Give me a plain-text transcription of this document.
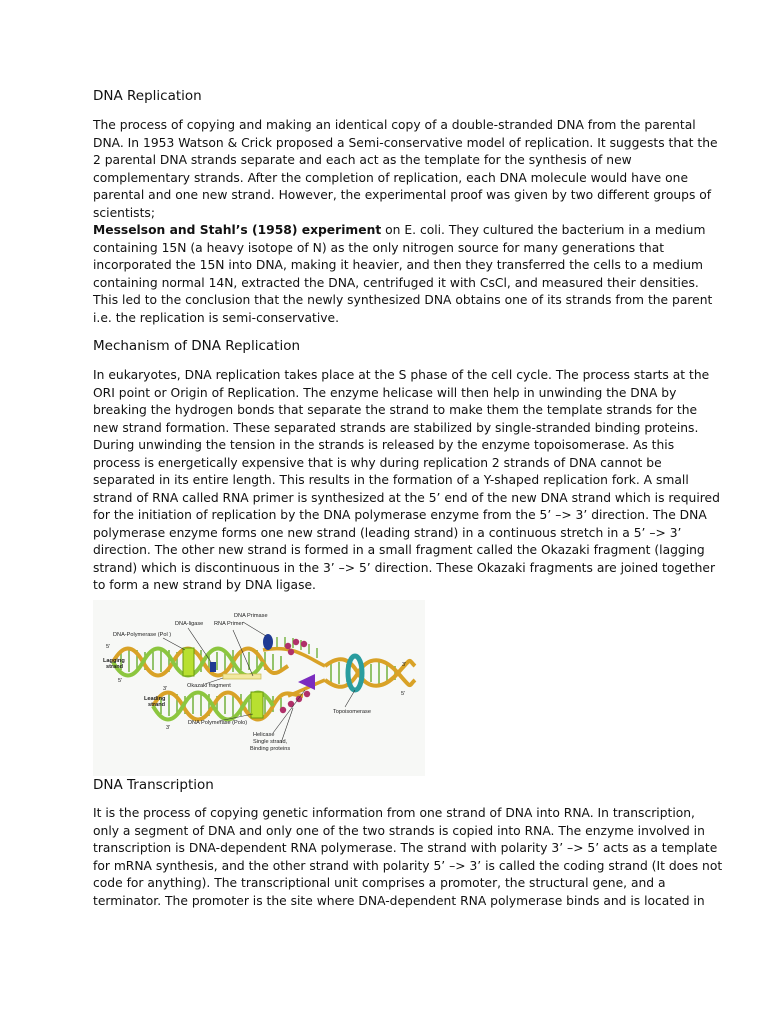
DNA Replication
The process of copying and making an identical copy of a double-stranded DNA from the parental
DNA. In 1953 Watson & Crick proposed a Semi-conservative model of replication. It suggests that the
2 parental DNA strands separate and each act as the template for the synthesis of new
complementary strands. After the completion of replication, each DNA molecule would have one
parental and one new strand. However, the experimental proof was given by two different groups of
scientists;
Messelson and Stahl’s (1958) experiment on E. coli. They cultured the bacterium in a medium
containing 15N (a heavy isotope of N) as the only nitrogen source for many generations that
incorporated the 15N into DNA, making it heavier, and then they transferred the cells to a medium
containing normal 14N, extracted the DNA, centrifuged it with CsCl, and measured their densities.
This led to the conclusion that the newly synthesized DNA obtains one of its strands from the parent
i.e. the replication is semi-conservative.
Mechanism of DNA Replication
In eukaryotes, DNA replication takes place at the S phase of the cell cycle. The process starts at the
ORI point or Origin of Replication. The enzyme helicase will then help in unwinding the DNA by
breaking the hydrogen bonds that separate the strand to make them the template strands for the
new strand formation. These separated strands are stabilized by single-stranded binding proteins.
During unwinding the tension in the strands is released by the enzyme topoisomerase. As this
process is energetically expensive that is why during replication 2 strands of DNA cannot be
separated in its entire length. This results in the formation of a Y-shaped replication fork. A small
strand of RNA called RNA primer is synthesized at the 5’ end of the new DNA strand which is required
for the initiation of replication by the DNA polymerase enzyme from the 5’ –> 3’ direction. The DNA
polymerase enzyme forms one new strand (leading strand) in a continuous stretch in a 5’ –> 3’
direction. The other new strand is formed in a small fragment called the Okazaki fragment (lagging
strand) which is discontinuous in the 3’ –> 5’ direction. These Okazaki fragments are joined together
to form a new strand by DNA ligase.
DNA Transcription
It is the process of copying genetic information from one strand of DNA into RNA. In transcription,
only a segment of DNA and only one of the two strands is copied into RNA. The enzyme involved in
transcription is DNA-dependent RNA polymerase. The strand with polarity 3’ –> 5’ acts as a template
for mRNA synthesis, and the other strand with polarity 5’ –> 3’ is called the coding strand (It does not
code for anything). The transcriptional unit comprises a promoter, the structural gene, and a
terminator. The promoter is the site where DNA-dependent RNA polymerase binds and is located in
DNA Primase
DNA-ligase RNA Primer
DNA-Polymerase (Pol )
Lagging
strand
Okazaki fragment
Leading
strand
DNA Polymerase (Polo)
Helicase
Single strand,
Binding proteins
Topoisomerase
5'
5'
3'
3'
3'
5'
